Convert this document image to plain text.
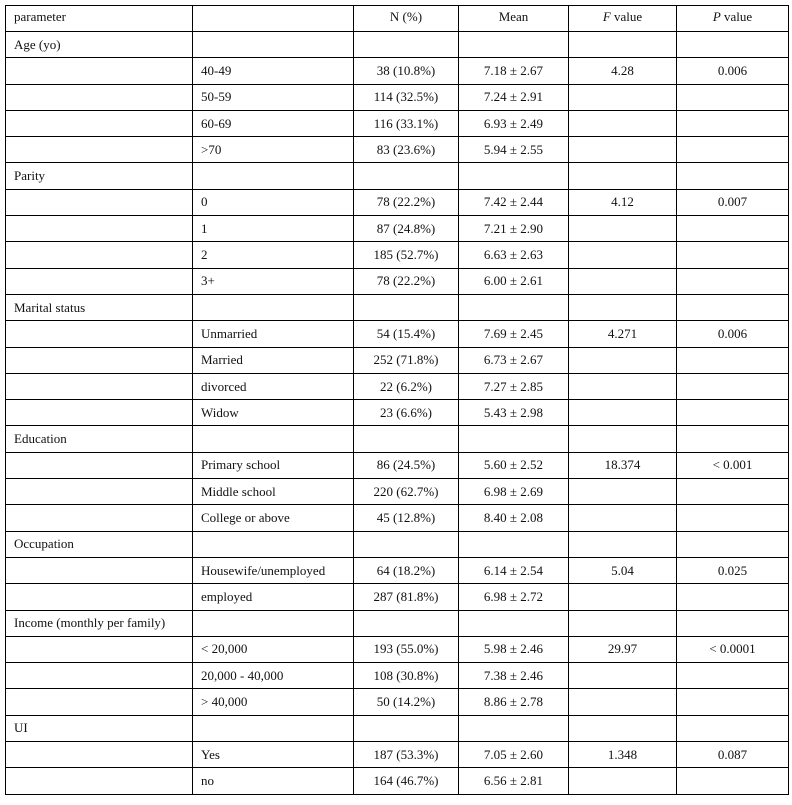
parameter		N (%)	Mean	F value	P value
Age (yo)					
	40-49	38 (10.8%)	7.18 ± 2.67	4.28	0.006
	50-59	114 (32.5%)	7.24 ± 2.91		
	60-69	116 (33.1%)	6.93 ± 2.49		
	>70	83 (23.6%)	5.94 ± 2.55		
Parity					
	0	78 (22.2%)	7.42 ± 2.44	4.12	0.007
	1	87 (24.8%)	7.21 ± 2.90		
	2	185 (52.7%)	6.63 ± 2.63		
	3+	78 (22.2%)	6.00 ± 2.61		
Marital status					
	Unmarried	54 (15.4%)	7.69 ± 2.45	4.271	0.006
	Married	252 (71.8%)	6.73 ± 2.67		
	divorced	22 (6.2%)	7.27 ± 2.85		
	Widow	23 (6.6%)	5.43 ± 2.98		
Education					
	Primary school	86 (24.5%)	5.60 ± 2.52	18.374	< 0.001
	Middle school	220 (62.7%)	6.98 ± 2.69		
	College or above	45 (12.8%)	8.40 ± 2.08		
Occupation					
	Housewife/unemployed	64 (18.2%)	6.14 ± 2.54	5.04	0.025
	employed	287 (81.8%)	6.98 ± 2.72		
Income (monthly per family)					
	< 20,000	193 (55.0%)	5.98 ± 2.46	29.97	< 0.0001
	20,000 - 40,000	108 (30.8%)	7.38 ± 2.46		
	> 40,000	50 (14.2%)	8.86 ± 2.78		
UI					
	Yes	187 (53.3%)	7.05 ± 2.60	1.348	0.087
	no	164 (46.7%)	6.56 ± 2.81		
